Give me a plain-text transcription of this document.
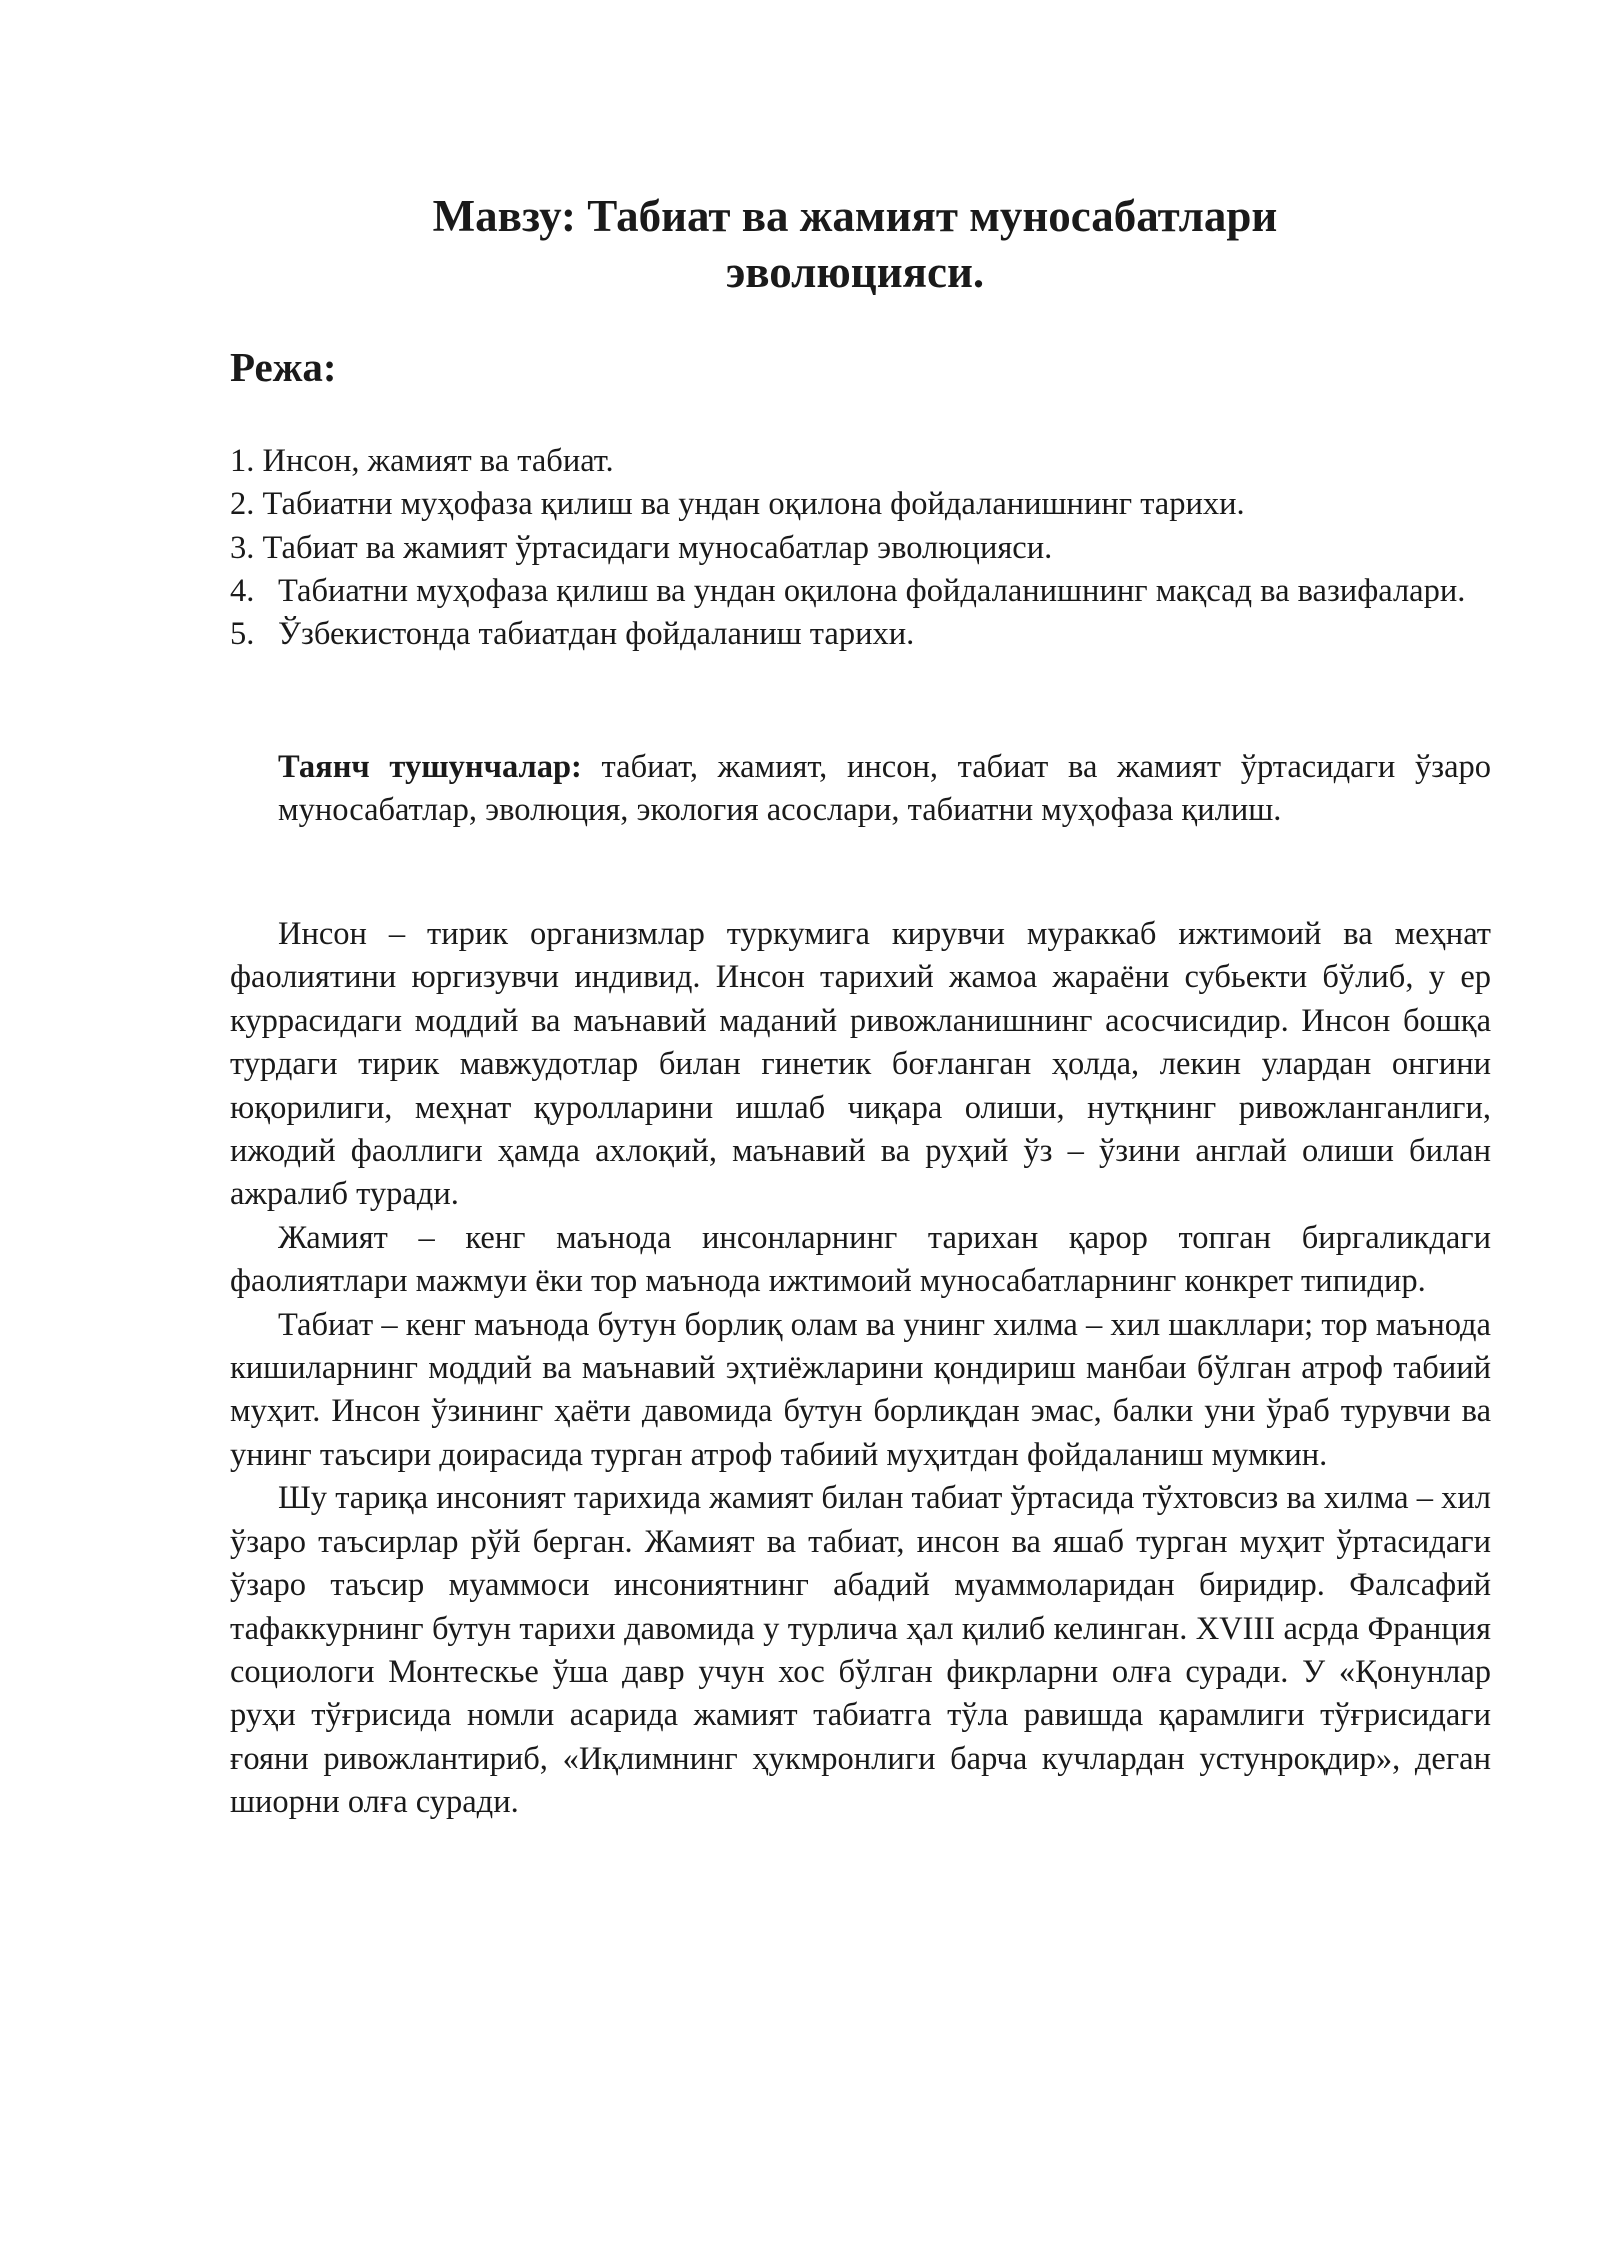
Мавзу: Табиат ва жамият муносабатлари
эволюцияси.
Режа:
1. Инсон, жамият ва табиат.
2. Табиатни муҳофаза қилиш ва ундан оқилона фойдаланишнинг тарихи.
3. Табиат ва жамият ўртасидаги муносабатлар эволюцияси.
4. Табиатни муҳофаза қилиш ва ундан оқилона фойдаланишнинг мақсад ва вазифалари.
5. Ўзбекистонда табиатдан фойдаланиш тарихи.

Таянч тушунчалар: табиат, жамият, инсон, табиат ва жамият ўртасидаги ўзаро муносабатлар, эволюция, экология асослари, табиатни муҳофаза қилиш.

Инсон – тирик организмлар туркумига кирувчи мураккаб ижтимоий ва меҳнат фаолиятини юргизувчи индивид. Инсон тарихий жамоа жараёни субьекти бўлиб, у ер куррасидаги моддий ва маънавий маданий ривожланишнинг асосчисидир. Инсон бошқа турдаги тирик мавжудотлар билан гинетик боғланган ҳолда, лекин улардан онгини юқорилиги, меҳнат қуролларини ишлаб чиқара олиши, нутқнинг ривожланганлиги, ижодий фаоллиги ҳамда ахлоқий, маънавий ва руҳий ўз – ўзини англай олиши билан ажралиб туради.

Жамият – кенг маънода инсонларнинг тарихан қарор топган биргаликдаги фаолиятлари мажмуи ёки тор маънода ижтимоий муносабатларнинг конкрет типидир.

Табиат – кенг маънода бутун борлиқ олам ва унинг хилма – хил шакллари; тор маънода кишиларнинг моддий ва маънавий эҳтиёжларини қондириш манбаи бўлган атроф табиий муҳит. Инсон ўзининг ҳаёти давомида бутун борлиқдан эмас, балки уни ўраб турувчи ва унинг таъсири доирасида турган атроф табиий муҳитдан фойдаланиш мумкин.

Шу тариқа инсоният тарихида жамият билан табиат ўртасида тўхтовсиз ва хилма – хил ўзаро таъсирлар рўй берган. Жамият ва табиат, инсон ва яшаб турган муҳит ўртасидаги ўзаро таъсир муаммоси инсониятнинг абадий муаммоларидан биридир. Фалсафий тафаккурнинг бутун тарихи давомида у турлича ҳал қилиб келинган. XVIII асрда Франция социологи Монтескье ўша давр учун хос бўлган фикрларни олға суради. У «Қонунлар руҳи тўғрисида номли асарида жамият табиатга тўла равишда қарамлиги тўғрисидаги ғояни ривожлантириб, «Иқлимнинг ҳукмронлиги барча кучлардан устунроқдир», деган шиорни олға суради.
